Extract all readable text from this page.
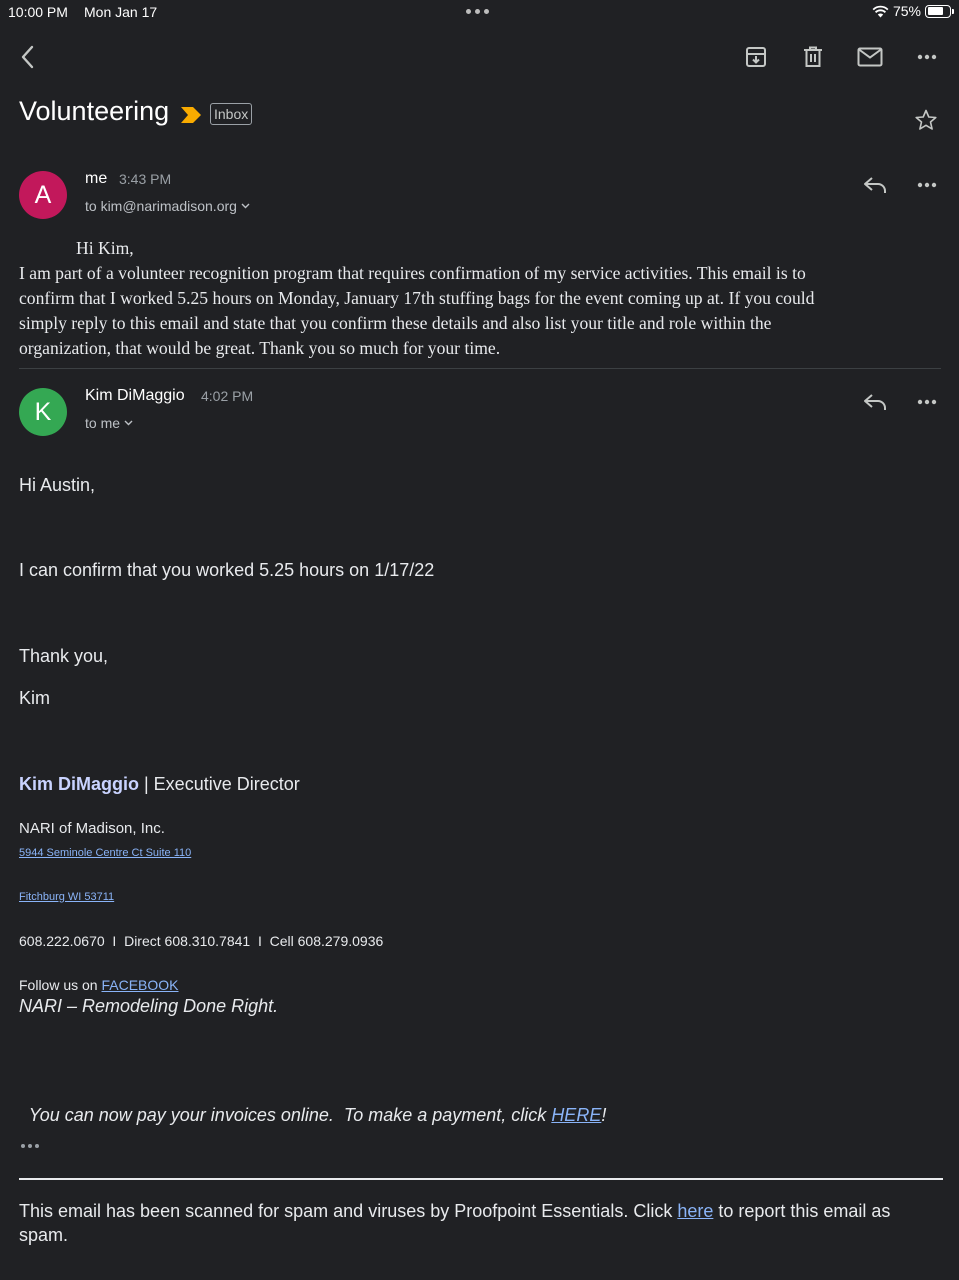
10:00 PM Mon Jan 17	75%
Volunteering	Inbox
A
me 3:43 PM
to kim@narimadison.org
Hi Kim,
I am part of a volunteer recognition program that requires confirmation of my service activities. This email is to
confirm that I worked 5.25 hours on Monday, January 17th stuffing bags for the event coming up at. If you could
simply reply to this email and state that you confirm these details and also list your title and role within the
organization, that would be great. Thank you so much for your time.
K
Kim DiMaggio 4:02 PM
to me
Hi Austin,
I can confirm that you worked 5.25 hours on 1/17/22
Thank you,
Kim
Kim DiMaggio | Executive Director
NARI of Madison, Inc.
5944 Seminole Centre Ct Suite 110
Fitchburg WI 53711
608.222.0670  I  Direct 608.310.7841  I  Cell 608.279.0936
Follow us on FACEBOOK
NARI – Remodeling Done Right.

You can now pay your invoices online.  To make a payment, click HERE!

This email has been scanned for spam and viruses by Proofpoint Essentials. Click here to report this email as spam.
